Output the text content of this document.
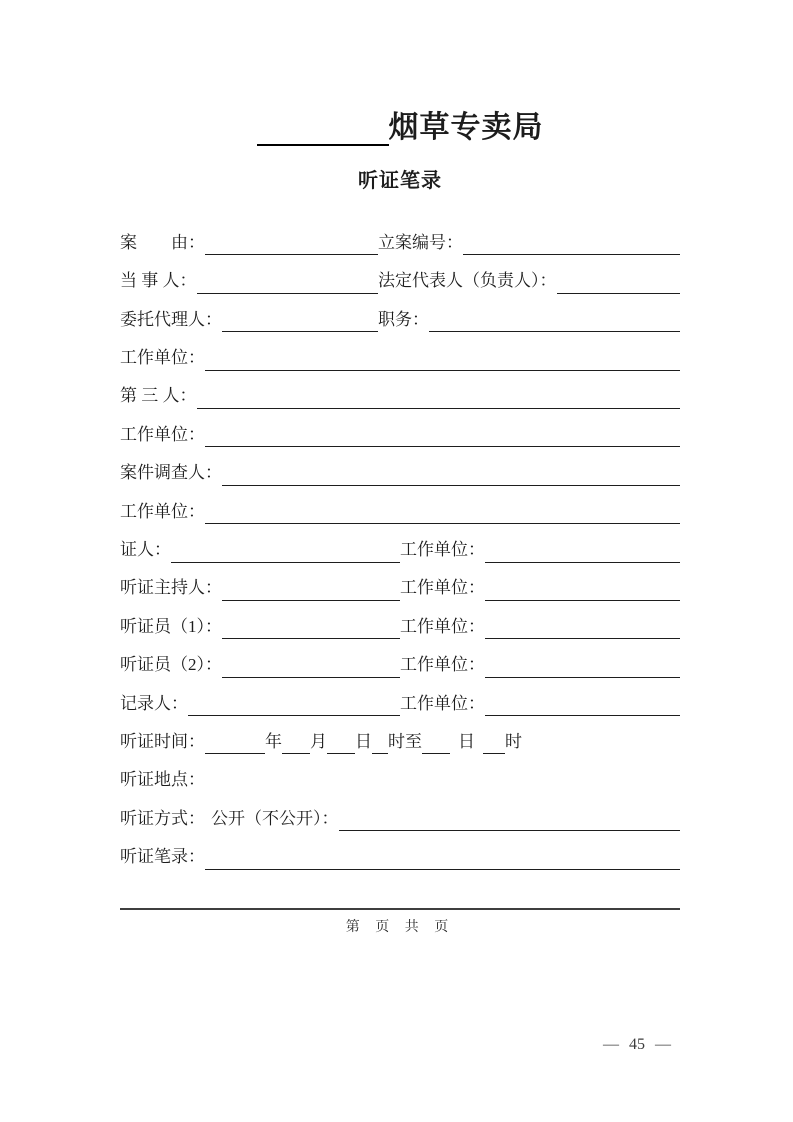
烟草专卖局
听证笔录
案　　由：	立案编号：
当 事 人：	法定代表人（负责人）：
委托代理人：	职务：
工作单位：
第 三 人：
工作单位：
案件调查人：
工作单位：
证人：	工作单位：
听证主持人：	工作单位：
听证员（1）：	工作单位：
听证员（2）：	工作单位：
记录人：	工作单位：
听证时间：	年 月 日 时至 日 时
听证地点：
听证方式： 公开（不公开）：
听证笔录：
第 页 共 页
— 45 —
